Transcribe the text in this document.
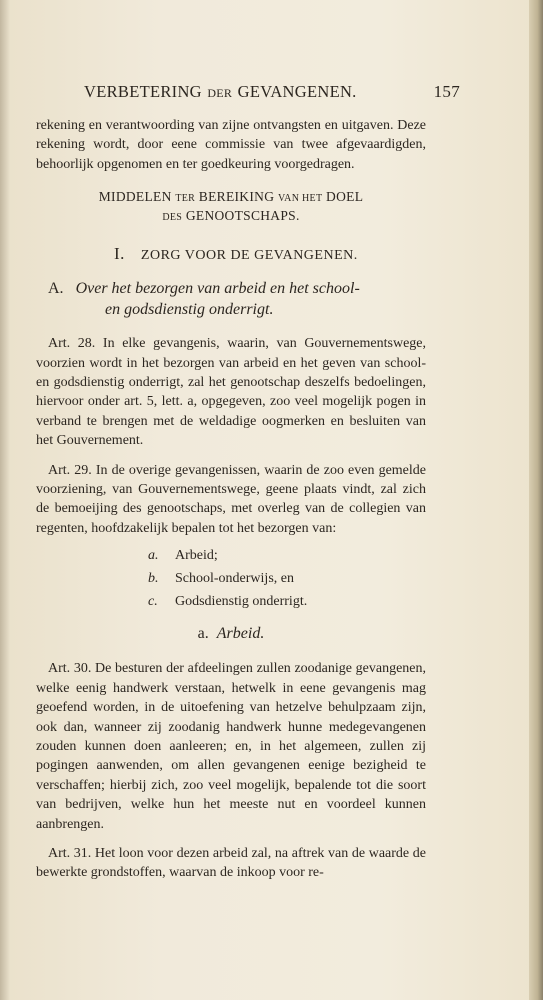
VERBETERING DER GEVANGENEN.	157

rekening en verantwoording van zijne ontvangsten en uitgaven. Deze rekening wordt, door eene commissie van twee afgevaardigden, behoorlijk opgenomen en ter goedkeuring voorgedragen.

MIDDELEN TER BEREIKING VAN HET DOEL
DES GENOOTSCHAPS.
I. ZORG VOOR DE GEVANGENEN.
A. Over het bezorgen van arbeid en het school-
en godsdienstig onderrigt.

Art. 28. In elke gevangenis, waarin, van Gouvernementswege, voorzien wordt in het bezorgen van arbeid en het geven van school- en godsdienstig onderrigt, zal het genootschap deszelfs bedoelingen, hiervoor onder art. 5, lett. a, opgegeven, zoo veel mogelijk pogen in verband te brengen met de weldadige oogmerken en besluiten van het Gouvernement.

Art. 29. In de overige gevangenissen, waarin de zoo even gemelde voorziening, van Gouvernementswege, geene plaats vindt, zal zich de bemoeijing des genootschaps, met overleg van de collegien van regenten, hoofdzakelijk bepalen tot het bezorgen van:

a. Arbeid;
b. School-onderwijs, en
c. Godsdienstig onderrigt.
a. Arbeid.

Art. 30. De besturen der afdeelingen zullen zoodanige gevangenen, welke eenig handwerk verstaan, hetwelk in eene gevangenis mag geoefend worden, in de uitoefening van hetzelve behulpzaam zijn, ook dan, wanneer zij zoodanig handwerk hunne medegevangenen zouden kunnen doen aanleeren; en, in het algemeen, zullen zij pogingen aanwenden, om allen gevangenen eenige bezigheid te verschaffen; hierbij zich, zoo veel mogelijk, bepalende tot die soort van bedrijven, welke hun het meeste nut en voordeel kunnen aanbrengen.

Art. 31. Het loon voor dezen arbeid zal, na aftrek van de waarde de bewerkte grondstoffen, waarvan de inkoop voor re-
